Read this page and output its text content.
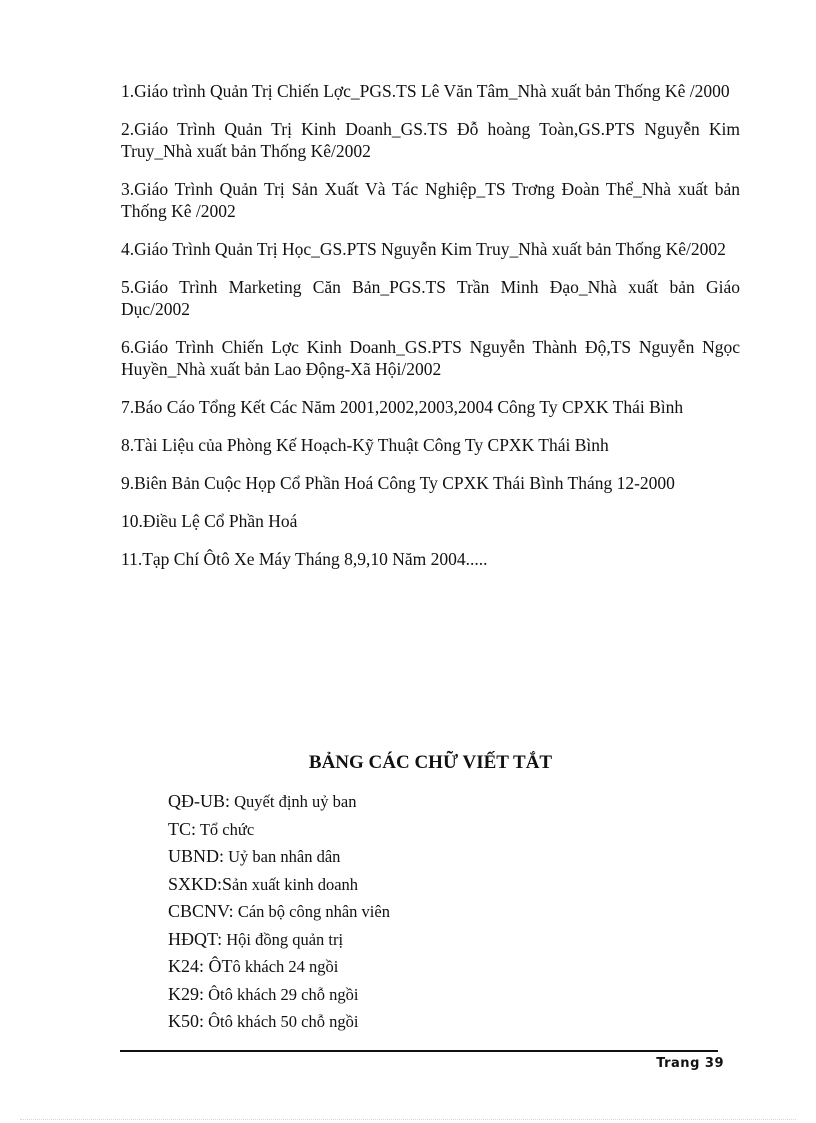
1.Giáo trình Quản Trị Chiến Lợc_PGS.TS Lê Văn Tâm_Nhà xuất bản Thống Kê /2000

2.Giáo Trình Quản Trị Kinh Doanh_GS.TS Đỗ hoàng Toàn,GS.PTS Nguyễn Kim Truy_Nhà xuất bản Thống Kê/2002

3.Giáo Trình Quản Trị Sản Xuất Và Tác Nghiệp_TS Trơng Đoàn Thể_Nhà xuất bản Thống Kê /2002

4.Giáo Trình Quản Trị Học_GS.PTS Nguyễn Kim Truy_Nhà xuất bản Thống Kê/2002

5.Giáo Trình Marketing Căn Bản_PGS.TS Trần Minh Đạo_Nhà xuất bản Giáo Dục/2002

6.Giáo Trình Chiến Lợc Kinh Doanh_GS.PTS Nguyễn Thành Độ,TS Nguyễn Ngọc Huyền_Nhà xuất bản Lao Động-Xã Hội/2002

7.Báo Cáo Tổng Kết Các Năm 2001,2002,2003,2004 Công Ty CPXK Thái Bình

8.Tài Liệu của Phòng Kế Hoạch-Kỹ Thuật Công Ty CPXK Thái Bình

9.Biên Bản Cuộc Họp Cổ Phần Hoá Công Ty CPXK Thái Bình Tháng 12-2000

10.Điều Lệ Cổ Phần Hoá

11.Tạp Chí Ôtô Xe Máy Tháng 8,9,10 Năm 2004.....

BẢNG CÁC CHỮ VIẾT TẮT
QĐ-UB: Quyết định uỷ ban
TC: Tổ chức
UBND: Uỷ ban nhân dân
SXKD:Sản xuất kinh doanh
CBCNV: Cán bộ công nhân viên
HĐQT: Hội đồng quản trị
K24: ÔTô khách 24 ngồi
K29: Ôtô khách 29 chỗ ngồi
K50: Ôtô khách 50 chỗ ngồi
Trang 39
